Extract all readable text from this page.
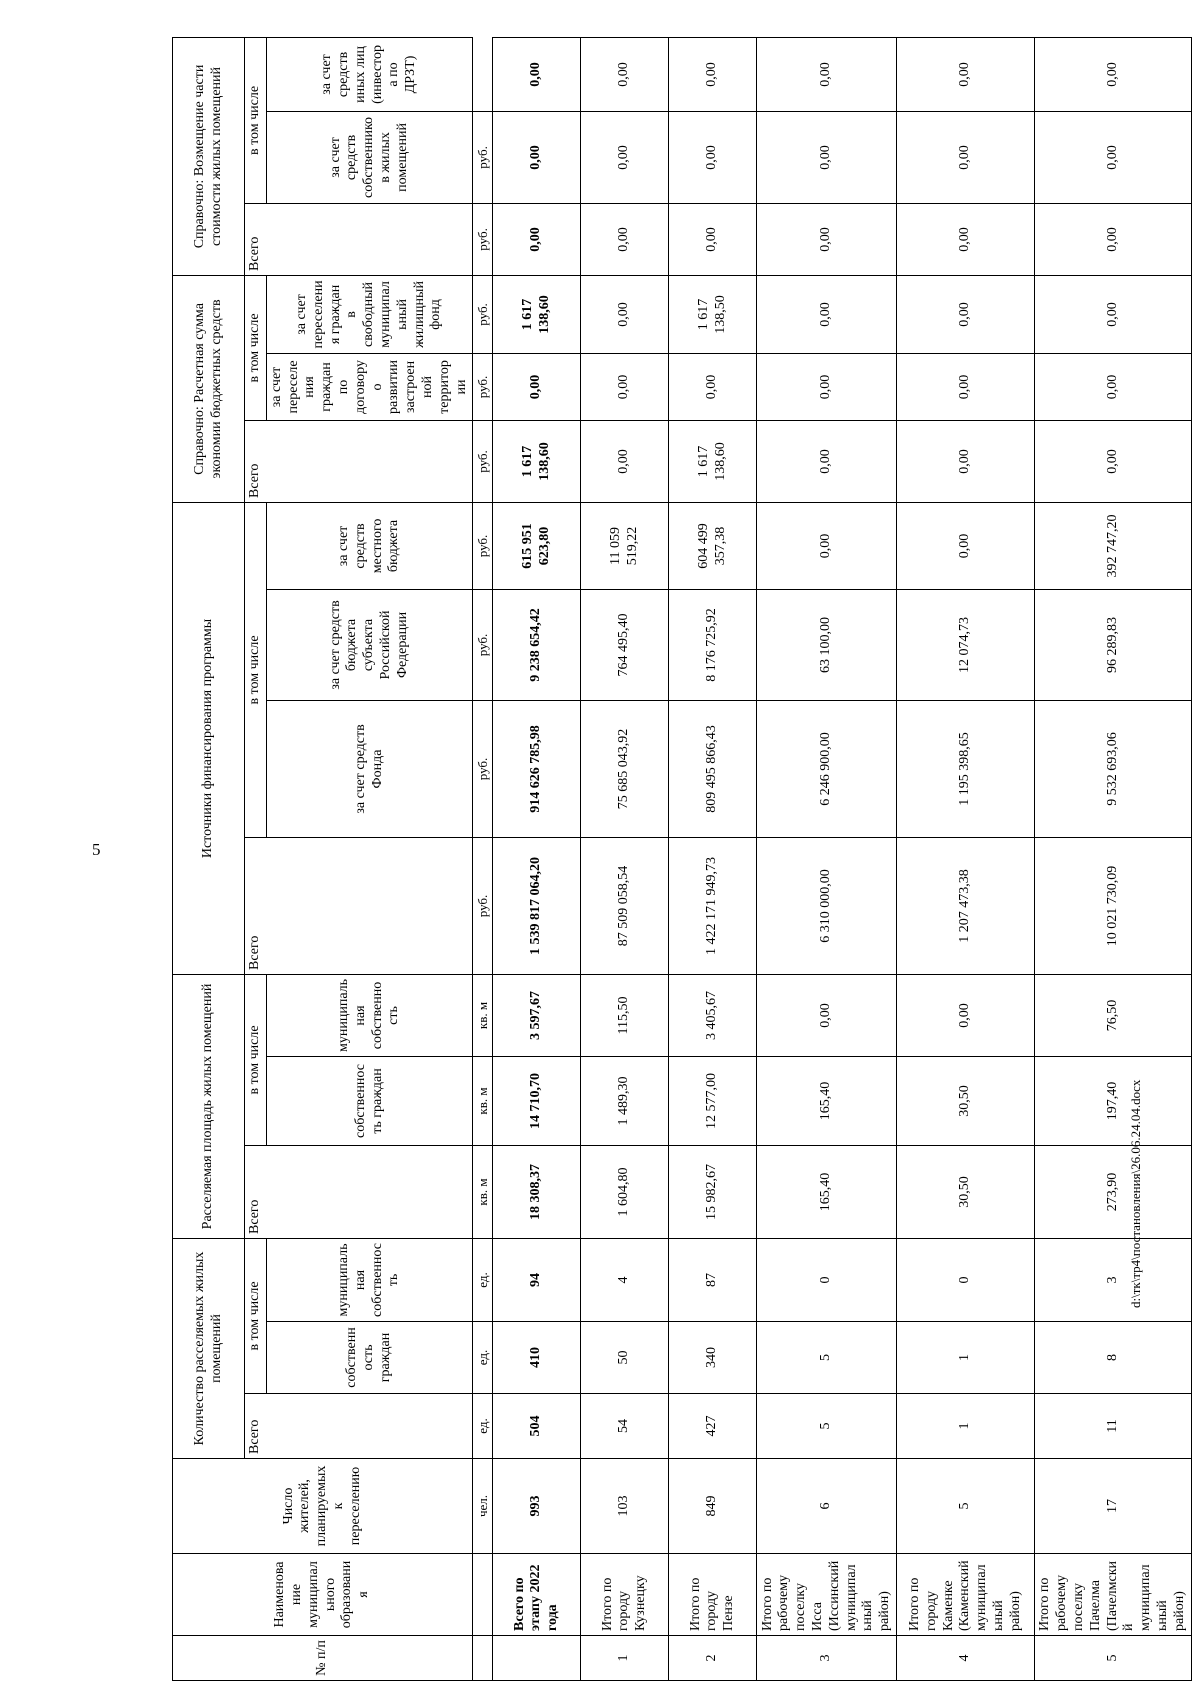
5
№ п/п	Наименование муниципального образования	Число жителей, планируемых к переселению	Количество расселяемых жилых помещений			Расселяемая площадь жилых помещений			Источники финансирования программы				Справочно: Расчетная сумма экономии бюджетных средств			Справочно: Возмещение части стоимости жилых помещений		
			Всего	в том числе		Всего	в том числе		Всего	в том числе			Всего	в том числе		Всего	в том числе	
				собственность граждан	муниципальная собственность		собственность граждан	муниципальная собственность		за счет средств Фонда	за счет средств бюджета субъекта Российской Федерации	за счет средств местного бюджета		за счет переселения граждан по договору о развитии застроенной территории	за счет переселения граждан в свободный муниципальный жилищный фонд		за счет средств собственников жилых помещений	за счет средств иных лиц (инвестора по ДРЗТ)
		чел.	ед.	ед.	ед.	кв. м	кв. м	кв. м	руб.	руб.	руб.	руб.	руб.	руб.	руб.	руб.	руб.	
	Всего по этапу 2022 года	993	504	410	94	18 308,37	14 710,70	3 597,67	1 539 817 064,20	914 626 785,98	9 238 654,42	615 951 623,80	1 617 138,60	0,00	1 617 138,60	0,00	0,00	0,00
1	Итого по городу Кузнецку	103	54	50	4	1 604,80	1 489,30	115,50	87 509 058,54	75 685 043,92	764 495,40	11 059 519,22	0,00	0,00	0,00	0,00	0,00	0,00
2	Итого по городу Пензе	849	427	340	87	15 982,67	12 577,00	3 405,67	1 422 171 949,73	809 495 866,43	8 176 725,92	604 499 357,38	1 617 138,60	0,00	1 617 138,50	0,00	0,00	0,00
3	Итого по рабочему поселку Исса (Иссинский муниципальный район)	6	5	5	0	165,40	165,40	0,00	6 310 000,00	6 246 900,00	63 100,00	0,00	0,00	0,00	0,00	0,00	0,00	0,00
4	Итого по городу Каменке (Каменский муниципальный район)	5	1	1	0	30,50	30,50	0,00	1 207 473,38	1 195 398,65	12 074,73	0,00	0,00	0,00	0,00	0,00	0,00	0,00
5	Итого по рабочему поселку Пачелма (Пачелмский муниципальный район)	17	11	8	3	273,90	197,40	76,50	10 021 730,09	9 532 693,06	96 289,83	392 747,20	0,00	0,00	0,00	0,00	0,00	0,00
d:\тк\тр4\постановления\26.06.24.04.docx
